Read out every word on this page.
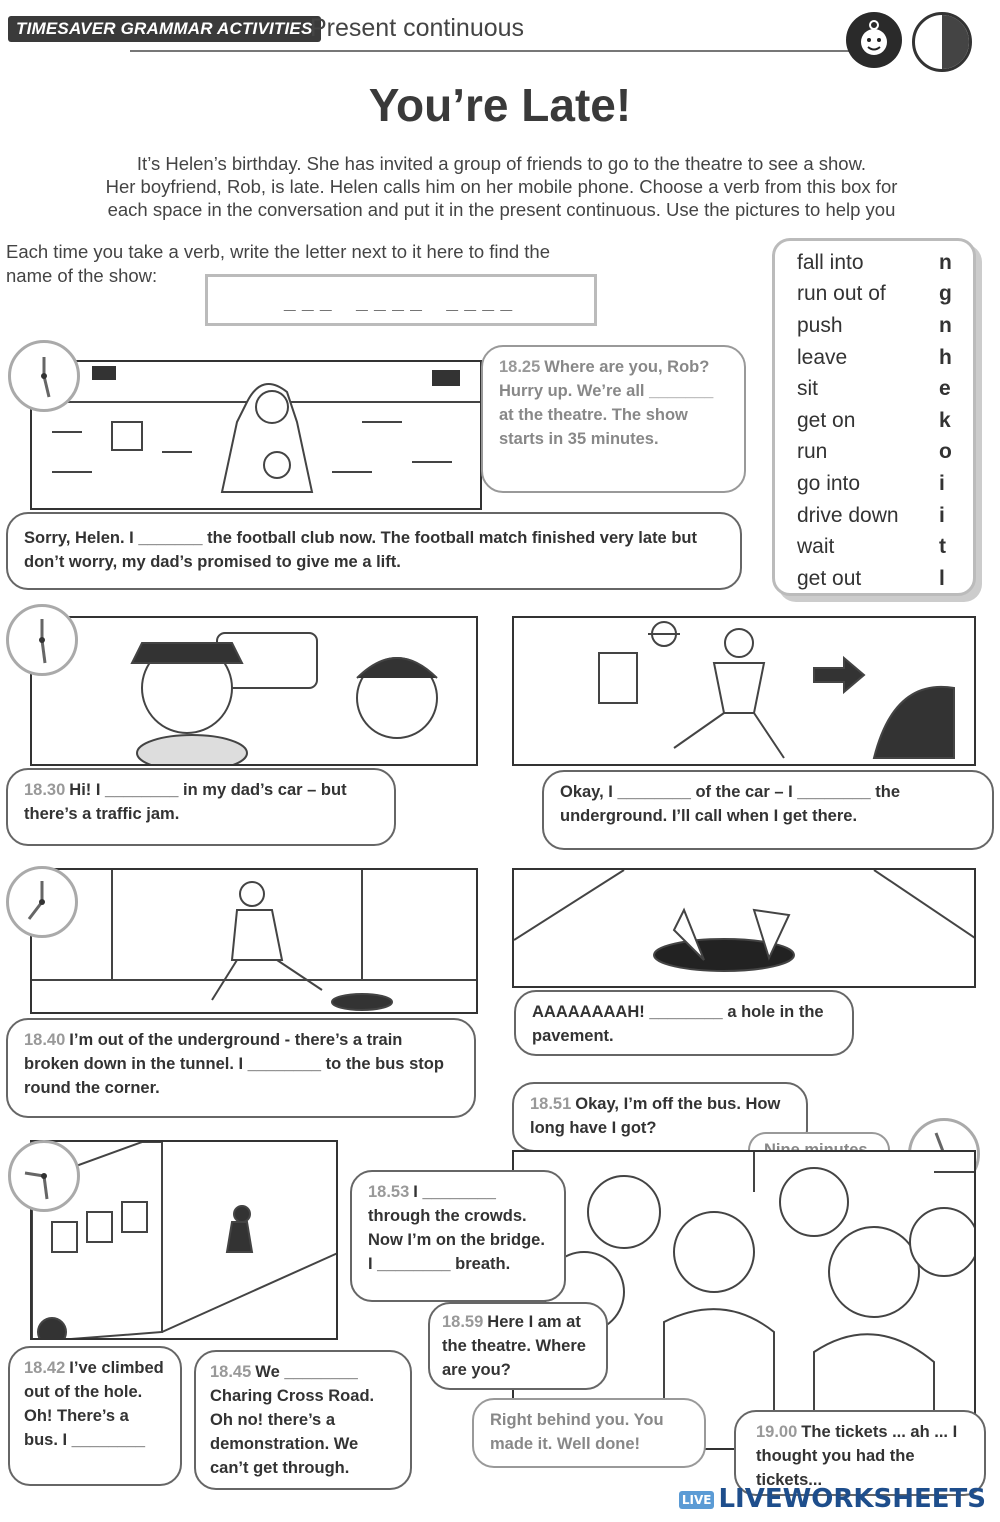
TIMESAVER GRAMMAR ACTIVITIES
Present continuous
You’re Late!
It’s Helen’s birthday. She has invited a group of friends to go to the theatre to see a show.
Her boyfriend, Rob, is late. Helen calls him on her mobile phone. Choose a verb from this box for
each space in the conversation and put it in the present continuous. Use the pictures to help you
Each time you take a verb, write the letter next to it here to find the
name of the show:
___ ____ ____
fall into	n
run out of	g
push	n
leave	h
sit	e
get on	k
run	o
go into	i
drive down	i
wait	t
get out	l
18.25 Where are you, Rob? Hurry up. We’re all _______ at the theatre. The show starts in 35 minutes.
Sorry, Helen. I _______ the football club now. The football match finished very late but don’t worry, my dad’s promised to give me a lift.
18.30 Hi! I ________ in my dad’s car – but there’s a traffic jam.
Okay, I ________ of the car – I ________ the underground. I’ll call when I get there.
18.40 I’m out of the underground - there’s a train broken down in the tunnel. I ________ to the bus stop round the corner.
AAAAAAAAH! ________ a hole in the pavement.
18.51 Okay, I’m off the bus. How long have I got?
18.53 I ________ through the crowds. Now I’m on the bridge. I ________ breath.
18.59 Here I am at the theatre. Where are you?
Right behind you. You made it. Well done!
18.42 I’ve climbed out of the hole. Oh! There’s a bus. I ________
18.45 We ________ Charing Cross Road. Oh no! there’s a demonstration. We can’t get through.
19.00 The tickets ... ah ... I thought you had the tickets...
LIVE LIVEWORKSHEETS
